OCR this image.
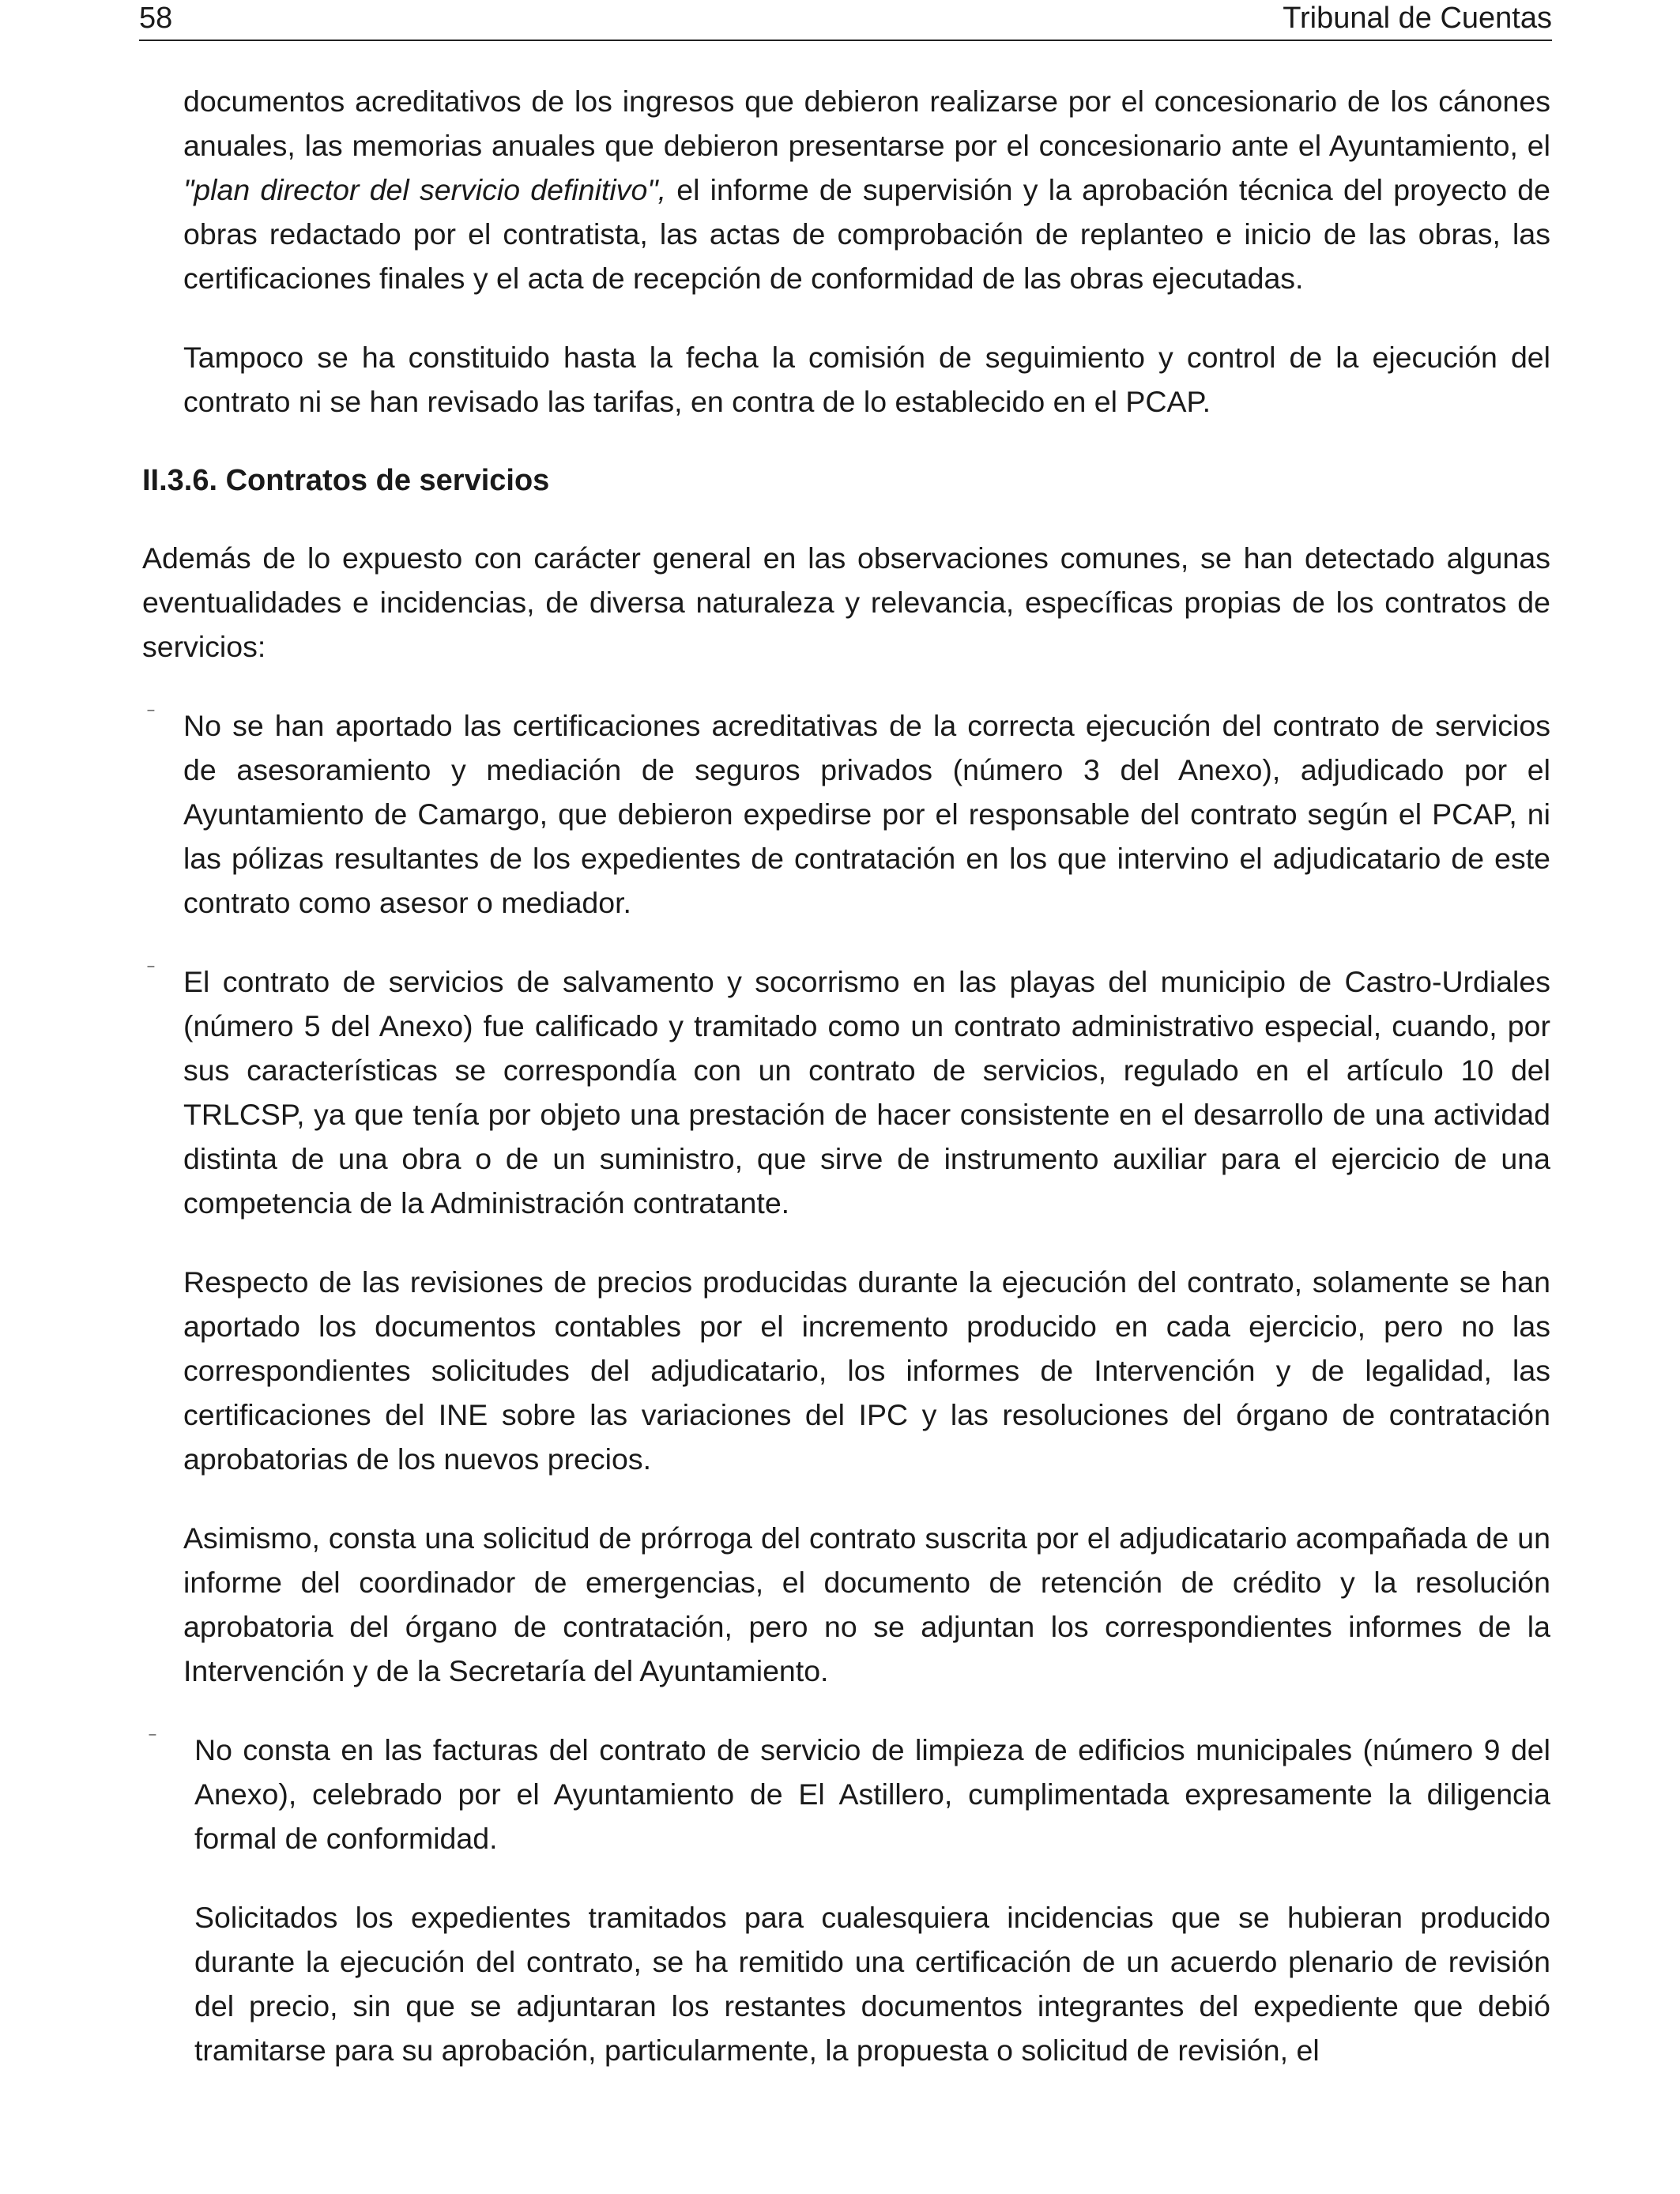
58	Tribunal de Cuentas

documentos acreditativos de los ingresos que debieron realizarse por el concesionario de los cánones anuales, las memorias anuales que debieron presentarse por el concesionario ante el Ayuntamiento, el "plan director del servicio definitivo", el informe de supervisión y la aprobación técnica del proyecto de obras redactado por el contratista, las actas de comprobación de replanteo e inicio de las obras, las certificaciones finales y el acta de recepción de conformidad de las obras ejecutadas.

Tampoco se ha constituido hasta la fecha la comisión de seguimiento y control de la ejecución del contrato ni se han revisado las tarifas, en contra de lo establecido en el PCAP.

II.3.6. Contratos de servicios

Además de lo expuesto con carácter general en las observaciones comunes, se han detectado algunas eventualidades e incidencias, de diversa naturaleza y relevancia, específicas propias de los contratos de servicios:

– No se han aportado las certificaciones acreditativas de la correcta ejecución del contrato de servicios de asesoramiento y mediación de seguros privados (número 3 del Anexo), adjudicado por el Ayuntamiento de Camargo, que debieron expedirse por el responsable del contrato según el PCAP, ni las pólizas resultantes de los expedientes de contratación en los que intervino el adjudicatario de este contrato como asesor o mediador.

– El contrato de servicios de salvamento y socorrismo en las playas del municipio de Castro-Urdiales (número 5 del Anexo) fue calificado y tramitado como un contrato administrativo especial, cuando, por sus características se correspondía con un contrato de servicios, regulado en el artículo 10 del TRLCSP, ya que tenía por objeto una prestación de hacer consistente en el desarrollo de una actividad distinta de una obra o de un suministro, que sirve de instrumento auxiliar para el ejercicio de una competencia de la Administración contratante.

Respecto de las revisiones de precios producidas durante la ejecución del contrato, solamente se han aportado los documentos contables por el incremento producido en cada ejercicio, pero no las correspondientes solicitudes del adjudicatario, los informes de Intervención y de legalidad, las certificaciones del INE sobre las variaciones del IPC y las resoluciones del órgano de contratación aprobatorias de los nuevos precios.

Asimismo, consta una solicitud de prórroga del contrato suscrita por el adjudicatario acompañada de un informe del coordinador de emergencias, el documento de retención de crédito y la resolución aprobatoria del órgano de contratación, pero no se adjuntan los correspondientes informes de la Intervención y de la Secretaría del Ayuntamiento.

– No consta en las facturas del contrato de servicio de limpieza de edificios municipales (número 9 del Anexo), celebrado por el Ayuntamiento de El Astillero, cumplimentada expresamente la diligencia formal de conformidad.

Solicitados los expedientes tramitados para cualesquiera incidencias que se hubieran producido durante la ejecución del contrato, se ha remitido una certificación de un acuerdo plenario de revisión del precio, sin que se adjuntaran los restantes documentos integrantes del expediente que debió tramitarse para su aprobación, particularmente, la propuesta o solicitud de revisión, el
